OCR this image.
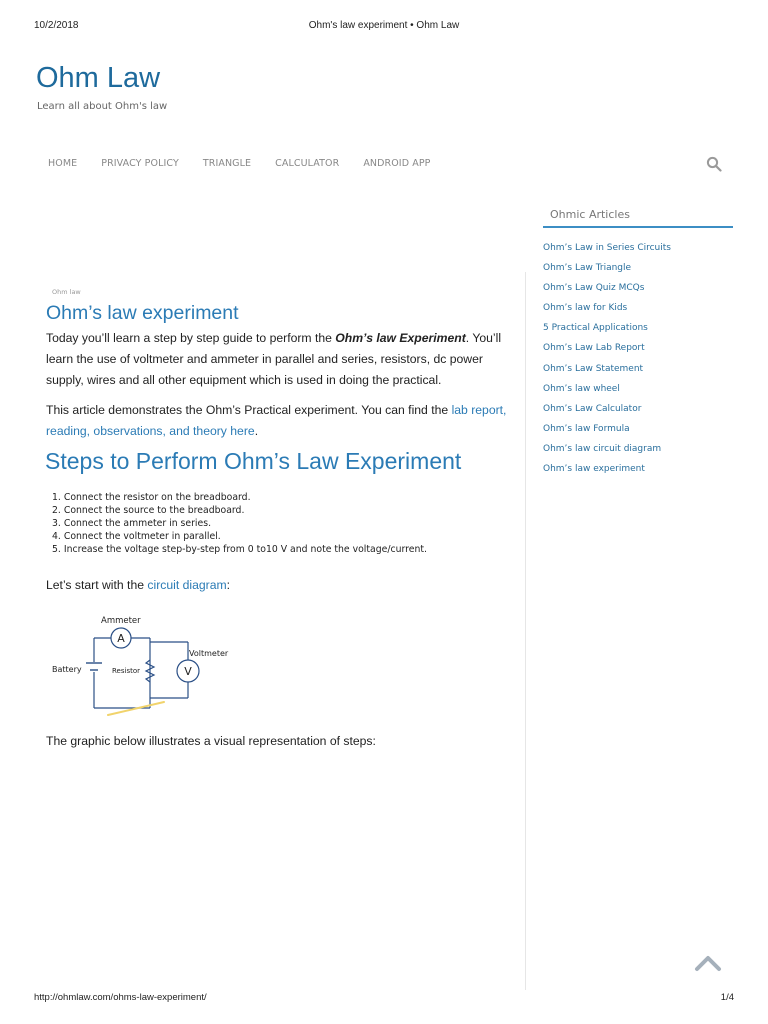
10/2/2018	Ohm's law experiment • Ohm Law
Ohm Law
Learn all about Ohm's law
HOME	PRIVACY POLICY	TRIANGLE	CALCULATOR	ANDROID APP
Ohmic Articles
Ohm’s Law in Series Circuits
Ohm’s Law Triangle
Ohm’s Law Quiz MCQs
Ohm’s law for Kids
5 Practical Applications
Ohm’s Law Lab Report
Ohm’s Law Statement
Ohm’s law wheel
Ohm’s Law Calculator
Ohm’s law Formula
Ohm’s law circuit diagram
Ohm’s law experiment
Ohm law
Ohm’s law experiment
Today you’ll learn a step by step guide to perform the Ohm’s law Experiment. You’ll learn the use of voltmeter and ammeter in parallel and series, resistors, dc power supply, wires and all other equipment which is used in doing the practical.
This article demonstrates the Ohm’s Practical experiment. You can find the lab report, reading, observations, and theory here.
Steps to Perform Ohm’s Law Experiment
1. Connect the resistor on the breadboard.
2. Connect the source to the breadboard.
3. Connect the ammeter in series.
4. Connect the voltmeter in parallel.
5. Increase the voltage step-by-step from 0 to10 V and note the voltage/current.
Let’s start with the circuit diagram:
Ammeter
A
Voltmeter
V
Battery	Resistor
The graphic below illustrates a visual representation of steps:
http://ohmlaw.com/ohms-law-experiment/	1/4
